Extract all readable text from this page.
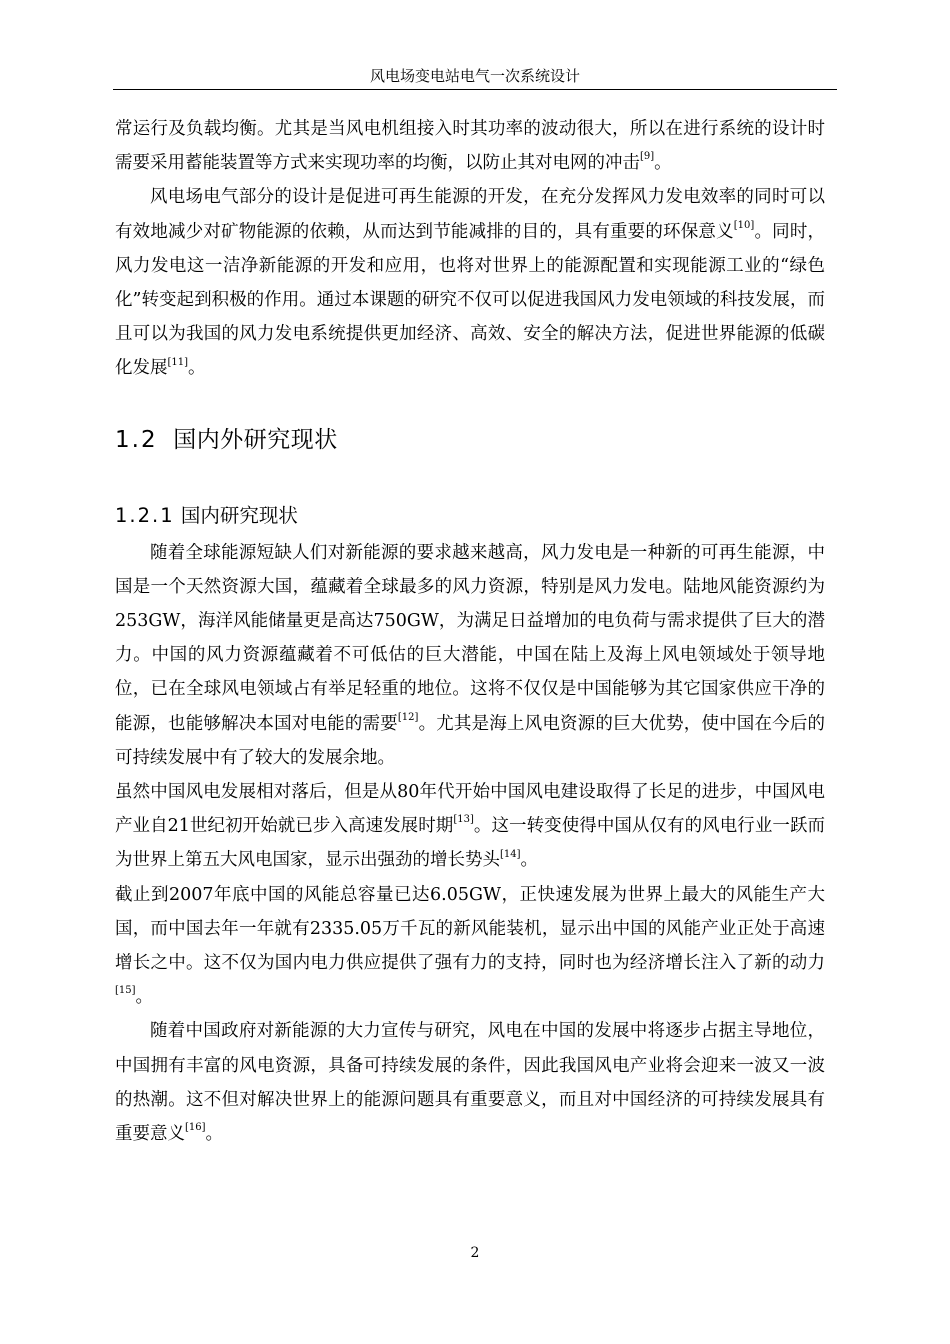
风电场变电站电气一次系统设计

常运行及负载均衡。尤其是当风电机组接入时其功率的波动很大，所以在进行系统的设计时需要采用蓄能装置等方式来实现功率的均衡，以防止其对电网的冲击[9]。

风电场电气部分的设计是促进可再生能源的开发，在充分发挥风力发电效率的同时可以有效地减少对矿物能源的依赖，从而达到节能减排的目的，具有重要的环保意义[10]。同时，风力发电这一洁净新能源的开发和应用，也将对世界上的能源配置和实现能源工业的“绿色化”转变起到积极的作用。通过本课题的研究不仅可以促进我国风力发电领域的科技发展，而且可以为我国的风力发电系统提供更加经济、高效、安全的解决方法，促进世界能源的低碳化发展[11]。

1.2 国内外研究现状
1.2.1 国内研究现状

随着全球能源短缺人们对新能源的要求越来越高，风力发电是一种新的可再生能源，中国是一个天然资源大国，蕴藏着全球最多的风力资源，特别是风力发电。陆地风能资源约为253GW，海洋风能储量更是高达750GW，为满足日益增加的电负荷与需求提供了巨大的潜力。中国的风力资源蕴藏着不可低估的巨大潜能，中国在陆上及海上风电领域处于领导地位，已在全球风电领域占有举足轻重的地位。这将不仅仅是中国能够为其它国家供应干净的能源，也能够解决本国对电能的需要[12]。尤其是海上风电资源的巨大优势，使中国在今后的可持续发展中有了较大的发展余地。

虽然中国风电发展相对落后，但是从80年代开始中国风电建设取得了长足的进步，中国风电产业自21世纪初开始就已步入高速发展时期[13]。这一转变使得中国从仅有的风电行业一跃而为世界上第五大风电国家，显示出强劲的增长势头[14]。

截止到2007年底中国的风能总容量已达6.05GW，正快速发展为世界上最大的风能生产大国，而中国去年一年就有2335.05万千瓦的新风能装机，显示出中国的风能产业正处于高速增长之中。这不仅为国内电力供应提供了强有力的支持，同时也为经济增长注入了新的动力[15]。

随着中国政府对新能源的大力宣传与研究，风电在中国的发展中将逐步占据主导地位，中国拥有丰富的风电资源，具备可持续发展的条件，因此我国风电产业将会迎来一波又一波的热潮。这不但对解决世界上的能源问题具有重要意义，而且对中国经济的可持续发展具有重要意义[16]。

2
